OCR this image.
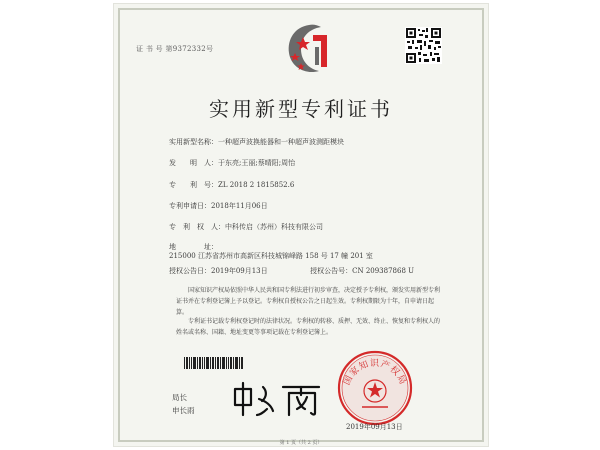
证 书 号 第9372332号
实用新型专利证书
实用新型名称：一种超声波换能器和一种超声波测距模块
发　　明　人：于东亮;王丽;蔡晴阳;周怡
专　　利　号：ZL 2018 2 1815852.6
专利申请日：2018年11月06日
专　利　权　人：中科传启（苏州）科技有限公司
地　　　　址：215000 江苏省苏州市高新区科技城锦峰路 158 号 17 幢 201 室
授权公告日：2019年09月13日	授权公告号：CN 209387868 U
国家知识产权局依照中华人民共和国专利法进行初步审查，决定授予专利权，颁发实用新型专利证书并在专利登记簿上予以登记。专利权自授权公告之日起生效。专利权期限为十年，自申请日起算。
专利证书记载专利权登记时的法律状况。专利权的转移、质押、无效、终止、恢复和专利权人的姓名或名称、国籍、地址变更等事项记载在专利登记簿上。
局长
申长雨
国家知识产权局
2019年09月13日
第 1 页（共 2 页）
